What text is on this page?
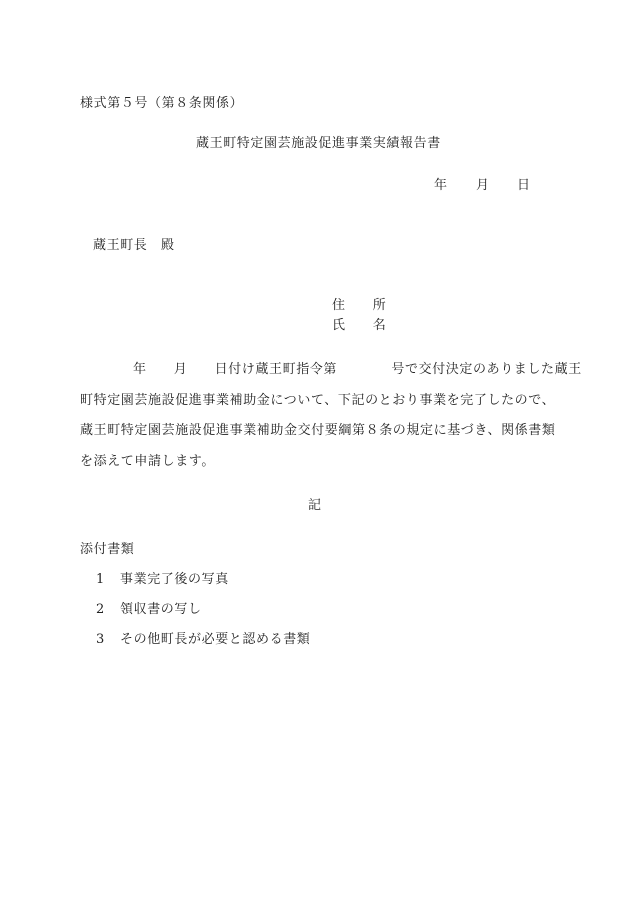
様式第５号（第８条関係）
蔵王町特定園芸施設促進事業実績報告書
年 月 日
蔵王町長　殿
住　　所
氏　　名
年　　月　　日付け蔵王町指令第　　　　号で交付決定のありました蔵王
町特定園芸施設促進事業補助金について、下記のとおり事業を完了したので、
蔵王町特定園芸施設促進事業補助金交付要綱第８条の規定に基づき、関係書類
を添えて申請します。
記
添付書類
1 事業完了後の写真
2 領収書の写し
3 その他町長が必要と認める書類
